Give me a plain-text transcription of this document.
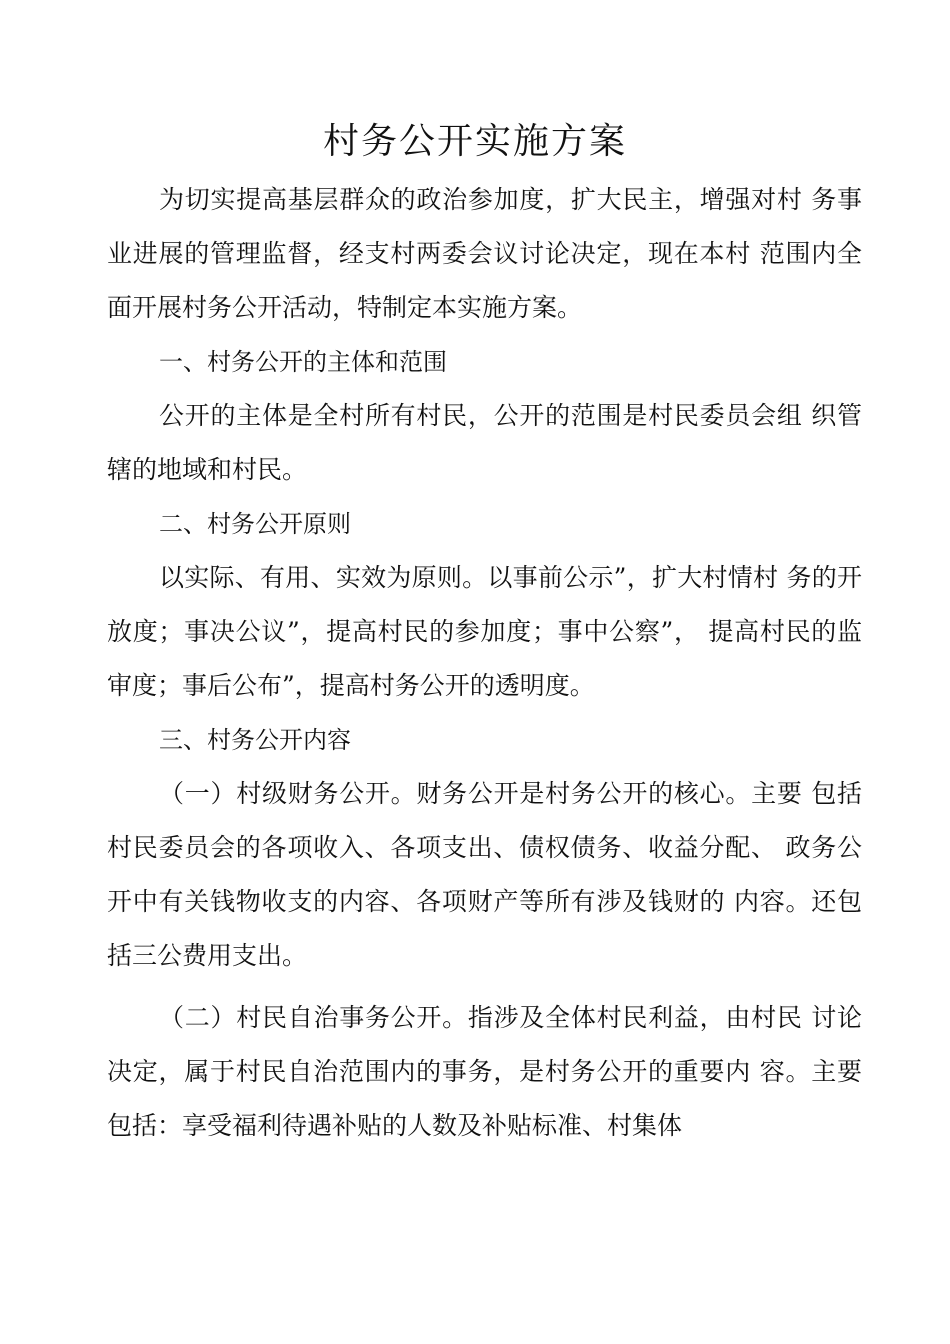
村务公开实施方案

为切实提高基层群众的政治参加度，扩大民主，增强对村 务事业进展的管理监督，经支村两委会议讨论决定，现在本村 范围内全面开展村务公开活动，特制定本实施方案。

一、村务公开的主体和范围

公开的主体是全村所有村民，公开的范围是村民委员会组 织管辖的地域和村民。

二、村务公开原则

以实际、有用、实效为原则。以事前公示”，扩大村情村 务的开放度；事决公议”，提高村民的参加度；事中公察”， 提高村民的监审度；事后公布”，提高村务公开的透明度。

三、村务公开内容

（一）村级财务公开。财务公开是村务公开的核心。主要 包括村民委员会的各项收入、各项支出、债权债务、收益分配、 政务公开中有关钱物收支的内容、各项财产等所有涉及钱财的 内容。还包括三公费用支出。

（二）村民自治事务公开。指涉及全体村民利益，由村民 讨论决定，属于村民自治范围内的事务，是村务公开的重要内 容。主要包括：享受福利待遇补贴的人数及补贴标准、村集体
